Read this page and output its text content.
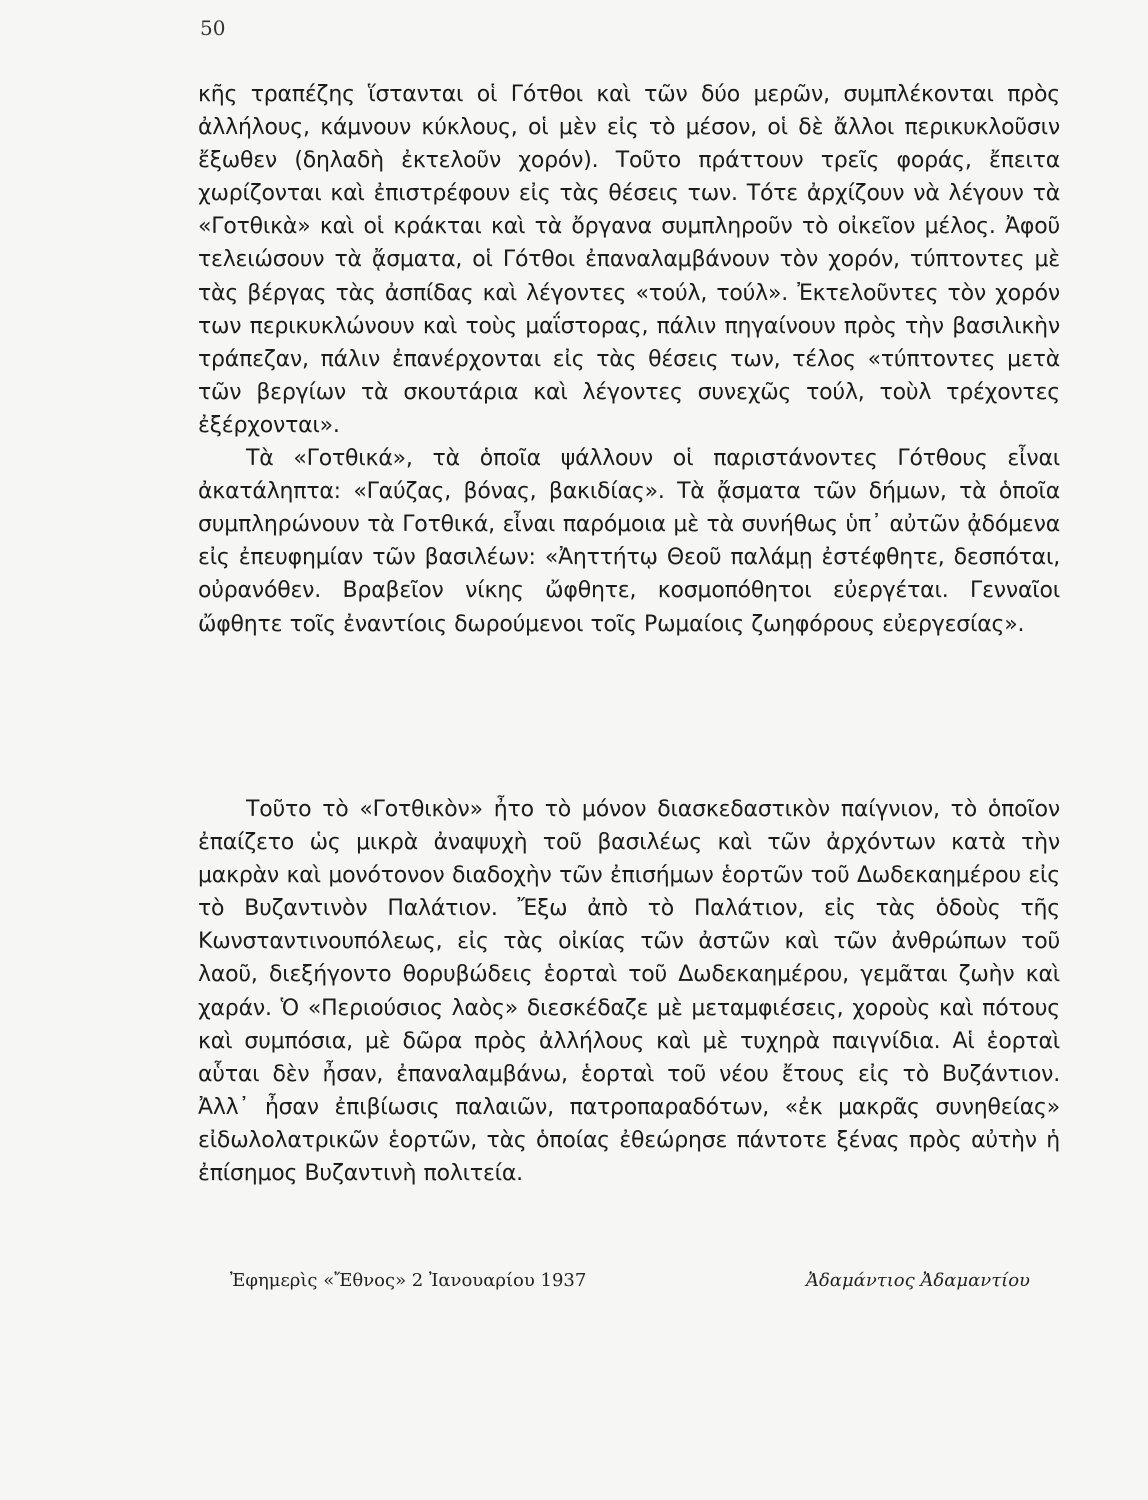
50

κῆς τραπέζης ἵστανται οἱ Γότθοι καὶ τῶν δύο μερῶν, συμπλέκονται πρὸς ἀλλήλους, κάμνουν κύκλους, οἱ μὲν εἰς τὸ μέσον, οἱ δὲ ἄλλοι περικυκλοῦσιν ἔξωθεν (δηλαδὴ ἐκτελοῦν χορόν). Τοῦτο πράττουν τρεῖς φοράς, ἔπειτα χωρίζονται καὶ ἐπιστρέφουν εἰς τὰς θέσεις των. Τότε ἀρχίζουν νὰ λέγουν τὰ «Γοτθικὰ» καὶ οἱ κράκται καὶ τὰ ὄργανα συμπληροῦν τὸ οἰκεῖον μέλος. Ἀφοῦ τελειώσουν τὰ ᾄσματα, οἱ Γότθοι ἐπαναλαμβάνουν τὸν χορόν, τύπτοντες μὲ τὰς βέργας τὰς ἀσπίδας καὶ λέγοντες «τούλ, τούλ». Ἐκτελοῦντες τὸν χορόν των περικυκλώνουν καὶ τοὺς μαΐστορας, πάλιν πηγαίνουν πρὸς τὴν βασιλικὴν τράπεζαν, πάλιν ἐπανέρχονται εἰς τὰς θέσεις των, τέλος «τύπτοντες μετὰ τῶν βεργίων τὰ σκουτάρια καὶ λέγοντες συνεχῶς τούλ, τοὺλ τρέχοντες ἐξέρχονται».

Τὰ «Γοτθικά», τὰ ὁποῖα ψάλλουν οἱ παριστάνοντες Γότθους εἶναι ἀκατάληπτα: «Γαύζας, βόνας, βακιδίας». Τὰ ᾄσματα τῶν δήμων, τὰ ὁποῖα συμπληρώνουν τὰ Γοτθικά, εἶναι παρόμοια μὲ τὰ συνήθως ὑπ᾽ αὐτῶν ᾀδόμενα εἰς ἐπευφημίαν τῶν βασιλέων: «Ἀηττήτῳ Θεοῦ παλάμῃ ἐστέφθητε, δεσπόται, οὐρανόθεν. Βραβεῖον νίκης ὤφθητε, κοσμοπόθητοι εὐεργέται. Γενναῖοι ὤφθητε τοῖς ἐναντίοις δωρούμενοι τοῖς Ρωμαίοις ζωηφόρους εὐεργεσίας».

Τοῦτο τὸ «Γοτθικὸν» ἦτο τὸ μόνον διασκεδαστικὸν παίγνιον, τὸ ὁποῖον ἐπαίζετο ὡς μικρὰ ἀναψυχὴ τοῦ βασιλέως καὶ τῶν ἀρχόντων κατὰ τὴν μακρὰν καὶ μονότονον διαδοχὴν τῶν ἐπισήμων ἑορτῶν τοῦ Δωδεκαημέρου εἰς τὸ Βυζαντινὸν Παλάτιον. Ἔξω ἀπὸ τὸ Παλάτιον, εἰς τὰς ὁδοὺς τῆς Κωνσταντινουπόλεως, εἰς τὰς οἰκίας τῶν ἀστῶν καὶ τῶν ἀνθρώπων τοῦ λαοῦ, διεξήγοντο θορυβώδεις ἑορταὶ τοῦ Δωδεκαημέρου, γεμᾶται ζωὴν καὶ χαράν. Ὁ «Περιούσιος λαὸς» διεσκέδαζε μὲ μεταμφιέσεις, χοροὺς καὶ πότους καὶ συμπόσια, μὲ δῶρα πρὸς ἀλλήλους καὶ μὲ τυχηρὰ παιγνίδια. Αἱ ἑορταὶ αὗται δὲν ἦσαν, ἐπαναλαμβάνω, ἑορταὶ τοῦ νέου ἔτους εἰς τὸ Βυζάντιον. Ἀλλ᾽ ἦσαν ἐπιβίωσις παλαιῶν, πατροπαραδότων, «ἐκ μακρᾶς συνηθείας» εἰδωλολατρικῶν ἑορτῶν, τὰς ὁποίας ἐθεώρησε πάντοτε ξένας πρὸς αὐτὴν ἡ ἐπίσημος Βυζαντινὴ πολιτεία.

Ἐφημερὶς «Ἔθνος» 2 Ἰανουαρίου 1937	Ἀδαμάντιος Ἀδαμαντίου
